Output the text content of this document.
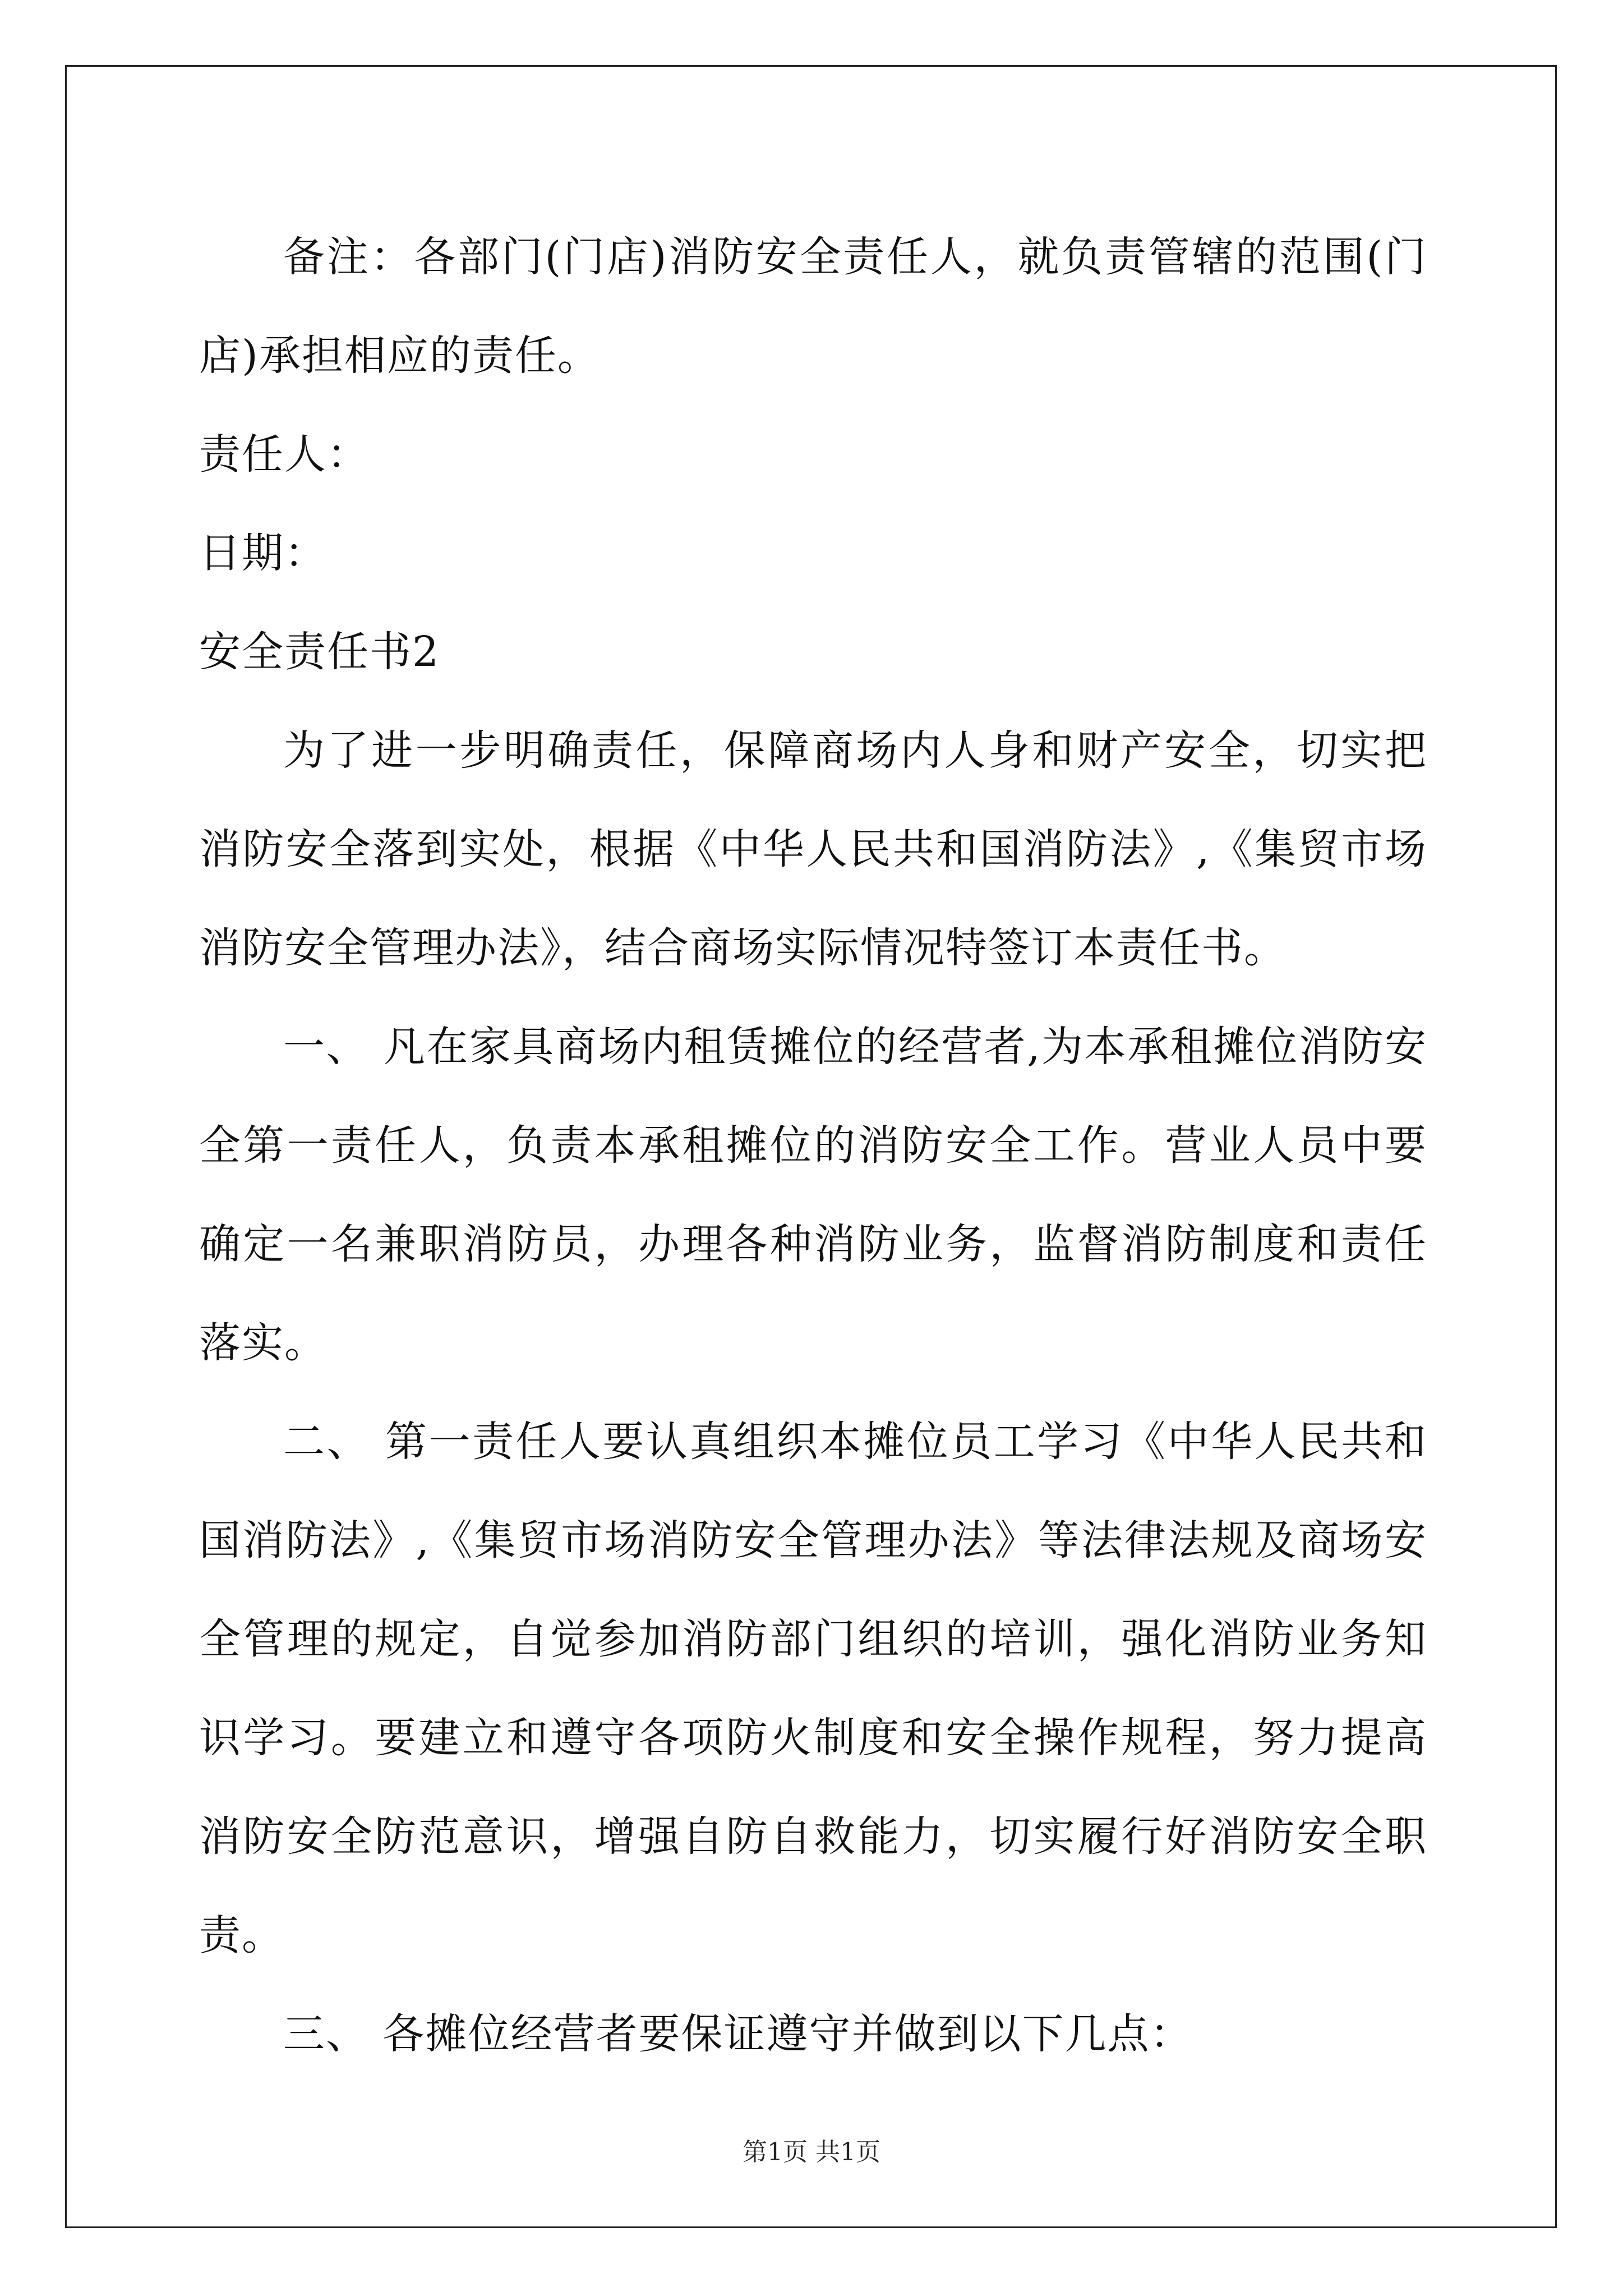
备注：各部门(门店)消防安全责任人，就负责管辖的范围(门店)承担相应的责任。

责任人：

日期：

安全责任书2

为了进一步明确责任，保障商场内人身和财产安全，切实把消防安全落到实处，根据《中华人民共和国消防法》,《集贸市场消防安全管理办法》，结合商场实际情况特签订本责任书。

一、 凡在家具商场内租赁摊位的经营者,为本承租摊位消防安全第一责任人，负责本承租摊位的消防安全工作。营业人员中要确定一名兼职消防员，办理各种消防业务，监督消防制度和责任落实。

二、 第一责任人要认真组织本摊位员工学习《中华人民共和国消防法》,《集贸市场消防安全管理办法》等法律法规及商场安全管理的规定，自觉参加消防部门组织的培训，强化消防业务知识学习。要建立和遵守各项防火制度和安全操作规程，努力提高消防安全防范意识，增强自防自救能力，切实履行好消防安全职责。

三、 各摊位经营者要保证遵守并做到以下几点：

第1页 共1页
